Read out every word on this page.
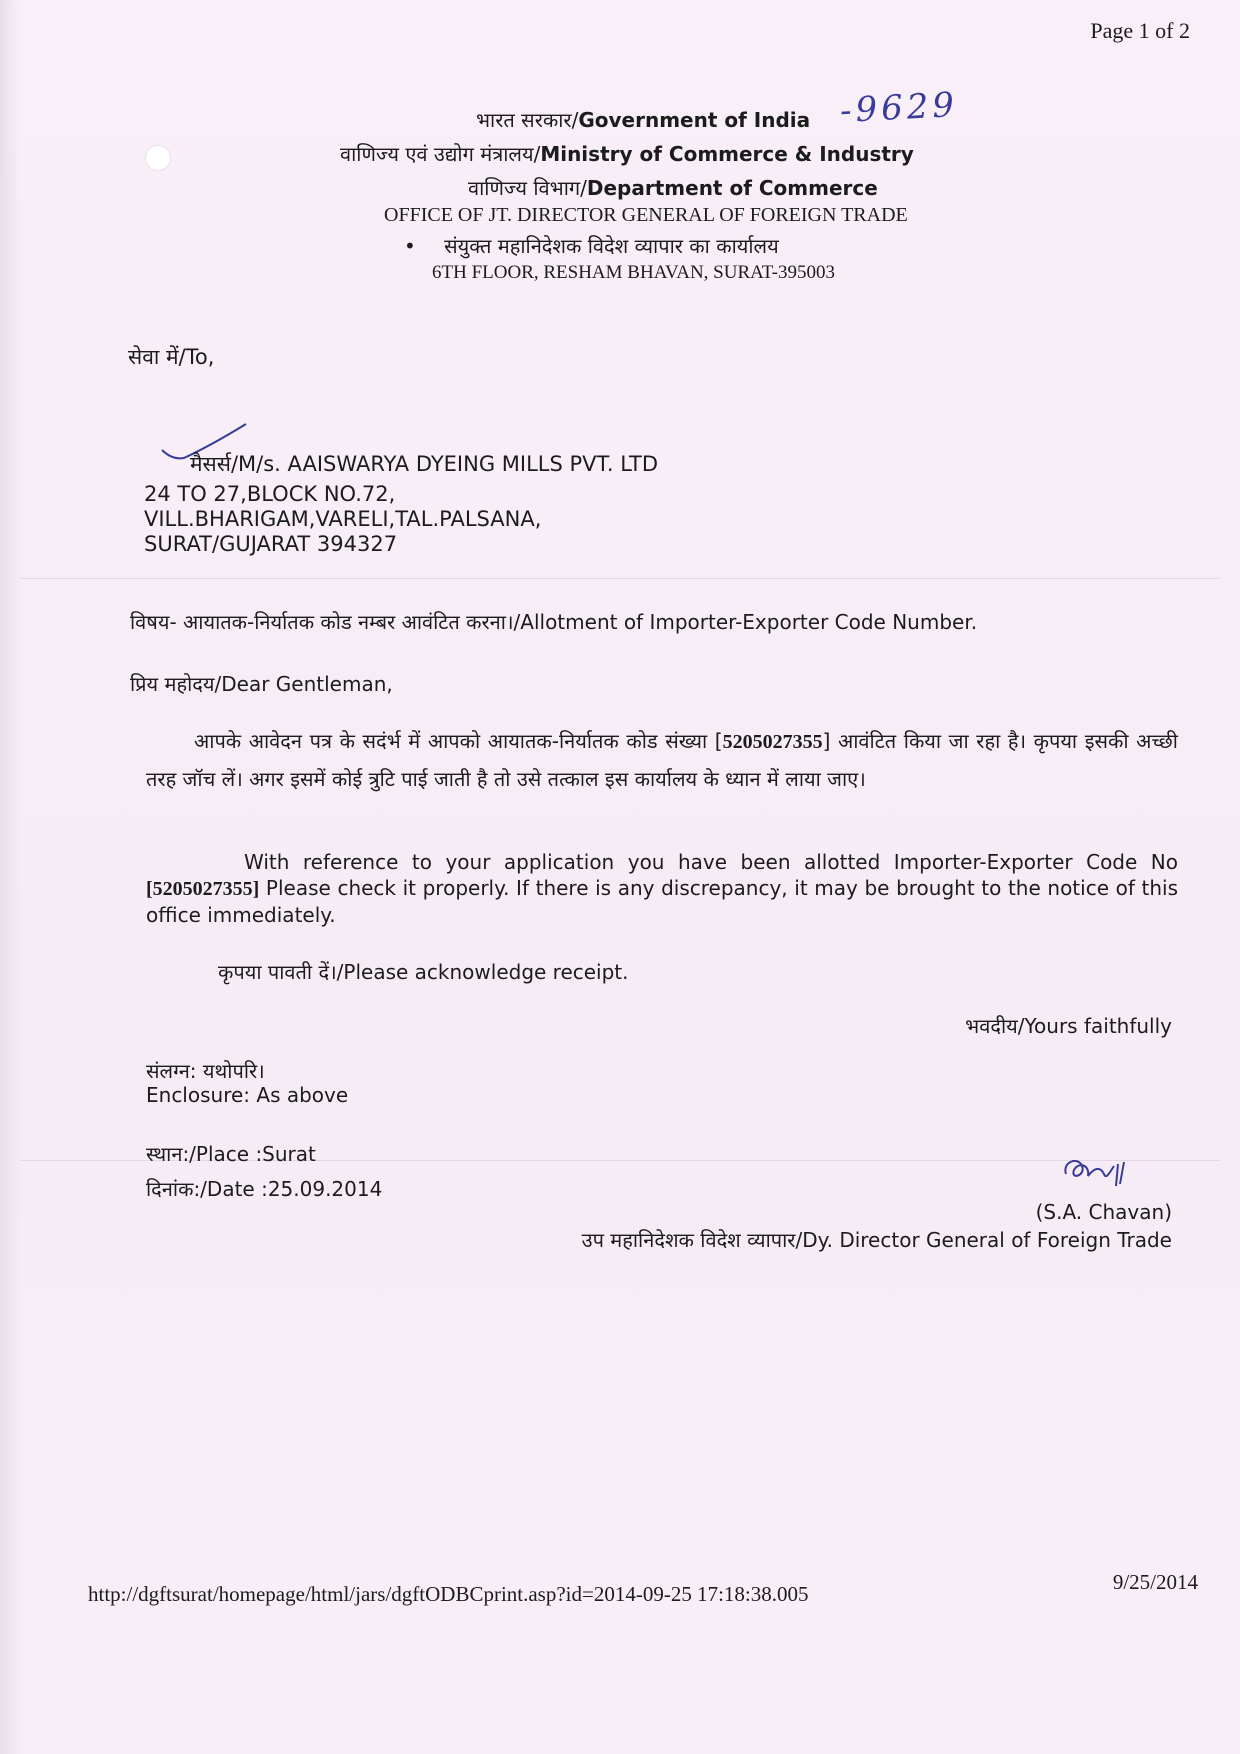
Page 1 of 2
भारत सरकार/Government of India -9629
वाणिज्य एवं उद्योग मंत्रालय/Ministry of Commerce & Industry
वाणिज्य विभाग/Department of Commerce
OFFICE OF JT. DIRECTOR GENERAL OF FOREIGN TRADE
• संयुक्त महानिदेशक विदेश व्यापार का कार्यालय
6TH FLOOR, RESHAM BHAVAN, SURAT-395003
सेवा में/To,
मैसर्स/M/s. AAISWARYA DYEING MILLS PVT. LTD
24 TO 27,BLOCK NO.72,
VILL.BHARIGAM,VARELI,TAL.PALSANA,
SURAT/GUJARAT 394327
विषय- आयातक-निर्यातक कोड नम्बर आवंटित करना।/Allotment of Importer-Exporter Code Number.
प्रिय महोदय/Dear Gentleman,
आपके आवेदन पत्र के सदंर्भ में आपको आयातक-निर्यातक कोड संख्या [5205027355] आवंटित किया जा रहा है। कृपया इसकी अच्छी तरह जॉच लें। अगर इसमें कोई त्रुटि पाई जाती है तो उसे तत्काल इस कार्यालय के ध्यान में लाया जाए।
With reference to your application you have been allotted Importer-Exporter Code No [5205027355] Please check it properly. If there is any discrepancy, it may be brought to the notice of this office immediately.
कृपया पावती दें।/Please acknowledge receipt.
भवदीय/Yours faithfully
संलग्न: यथोपरि।
Enclosure: As above
स्थान:/Place :Surat
दिनांक:/Date :25.09.2014
(S.A. Chavan)
उप महानिदेशक विदेश व्यापार/Dy. Director General of Foreign Trade
http://dgftsurat/homepage/html/jars/dgftODBCprint.asp?id=2014-09-25 17:18:38.005	9/25/2014
